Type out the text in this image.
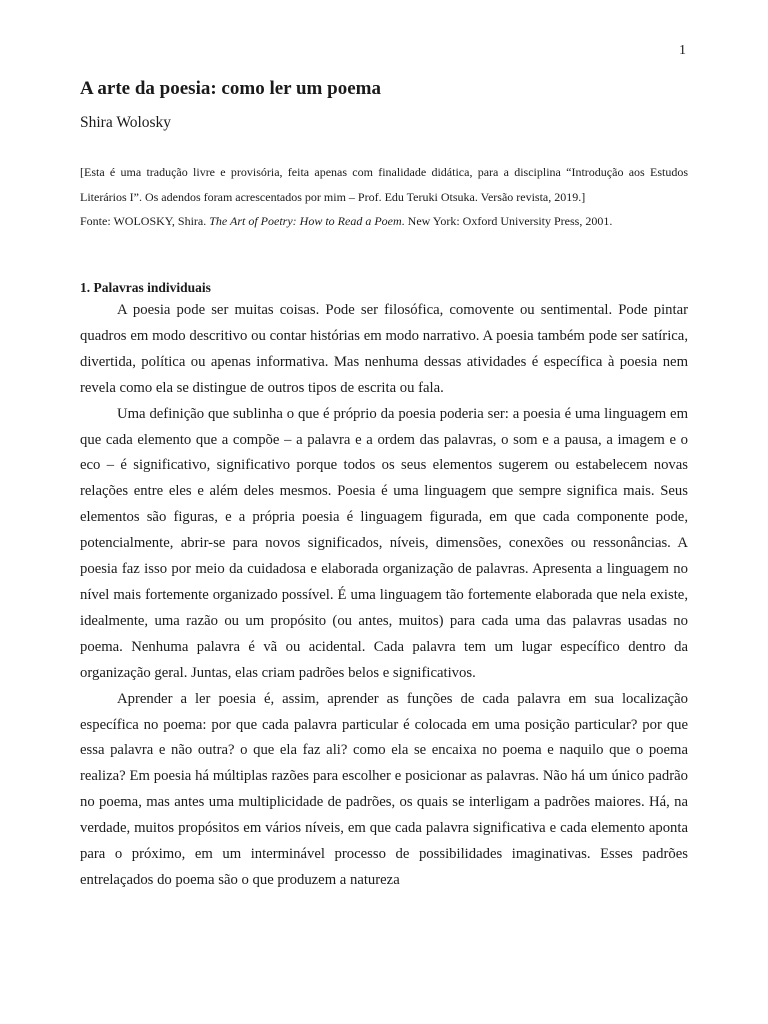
1

A arte da poesia: como ler um poema

Shira Wolosky

[Esta é uma tradução livre e provisória, feita apenas com finalidade didática, para a disciplina “Introdução aos Estudos Literários I”. Os adendos foram acrescentados por mim – Prof. Edu Teruki Otsuka. Versão revista, 2019.]

Fonte: WOLOSKY, Shira. The Art of Poetry: How to Read a Poem. New York: Oxford University Press, 2001.

1. Palavras individuais

A poesia pode ser muitas coisas. Pode ser filosófica, comovente ou sentimental. Pode pintar quadros em modo descritivo ou contar histórias em modo narrativo. A poesia também pode ser satírica, divertida, política ou apenas informativa. Mas nenhuma dessas atividades é específica à poesia nem revela como ela se distingue de outros tipos de escrita ou fala.

Uma definição que sublinha o que é próprio da poesia poderia ser: a poesia é uma linguagem em que cada elemento que a compõe – a palavra e a ordem das palavras, o som e a pausa, a imagem e o eco – é significativo, significativo porque todos os seus elementos sugerem ou estabelecem novas relações entre eles e além deles mesmos. Poesia é uma linguagem que sempre significa mais. Seus elementos são figuras, e a própria poesia é linguagem figurada, em que cada componente pode, potencialmente, abrir-se para novos significados, níveis, dimensões, conexões ou ressonâncias. A poesia faz isso por meio da cuidadosa e elaborada organização de palavras. Apresenta a linguagem no nível mais fortemente organizado possível. É uma linguagem tão fortemente elaborada que nela existe, idealmente, uma razão ou um propósito (ou antes, muitos) para cada uma das palavras usadas no poema. Nenhuma palavra é vã ou acidental. Cada palavra tem um lugar específico dentro da organização geral. Juntas, elas criam padrões belos e significativos.

Aprender a ler poesia é, assim, aprender as funções de cada palavra em sua localização específica no poema: por que cada palavra particular é colocada em uma posição particular? por que essa palavra e não outra? o que ela faz ali? como ela se encaixa no poema e naquilo que o poema realiza? Em poesia há múltiplas razões para escolher e posicionar as palavras. Não há um único padrão no poema, mas antes uma multiplicidade de padrões, os quais se interligam a padrões maiores. Há, na verdade, muitos propósitos em vários níveis, em que cada palavra significativa e cada elemento aponta para o próximo, em um interminável processo de possibilidades imaginativas. Esses padrões entrelaçados do poema são o que produzem a natureza
